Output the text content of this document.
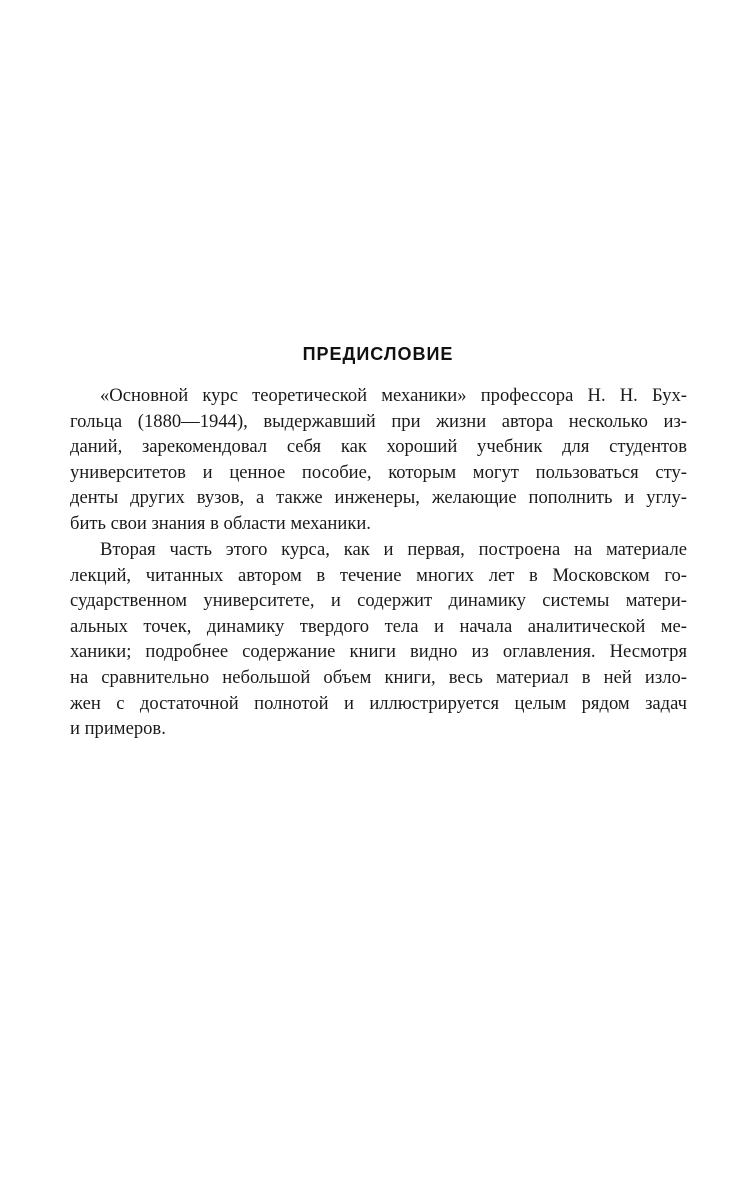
ПРЕДИСЛОВИЕ

«Основной курс теоретической механики» профессора Н. Н. Бух-
гольца (1880—1944), выдержавший при жизни автора несколько из-
даний, зарекомендовал себя как хороший учебник для студентов
университетов и ценное пособие, которым могут пользоваться сту-
денты других вузов, а также инженеры, желающие пополнить и углу-
бить свои знания в области механики.

Вторая часть этого курса, как и первая, построена на материале
лекций, читанных автором в течение многих лет в Московском го-
сударственном университете, и содержит динамику системы матери-
альных точек, динамику твердого тела и начала аналитической ме-
ханики; подробнее содержание книги видно из оглавления. Несмотря
на сравнительно небольшой объем книги, весь материал в ней изло-
жен с достаточной полнотой и иллюстрируется целым рядом задач
и примеров.
